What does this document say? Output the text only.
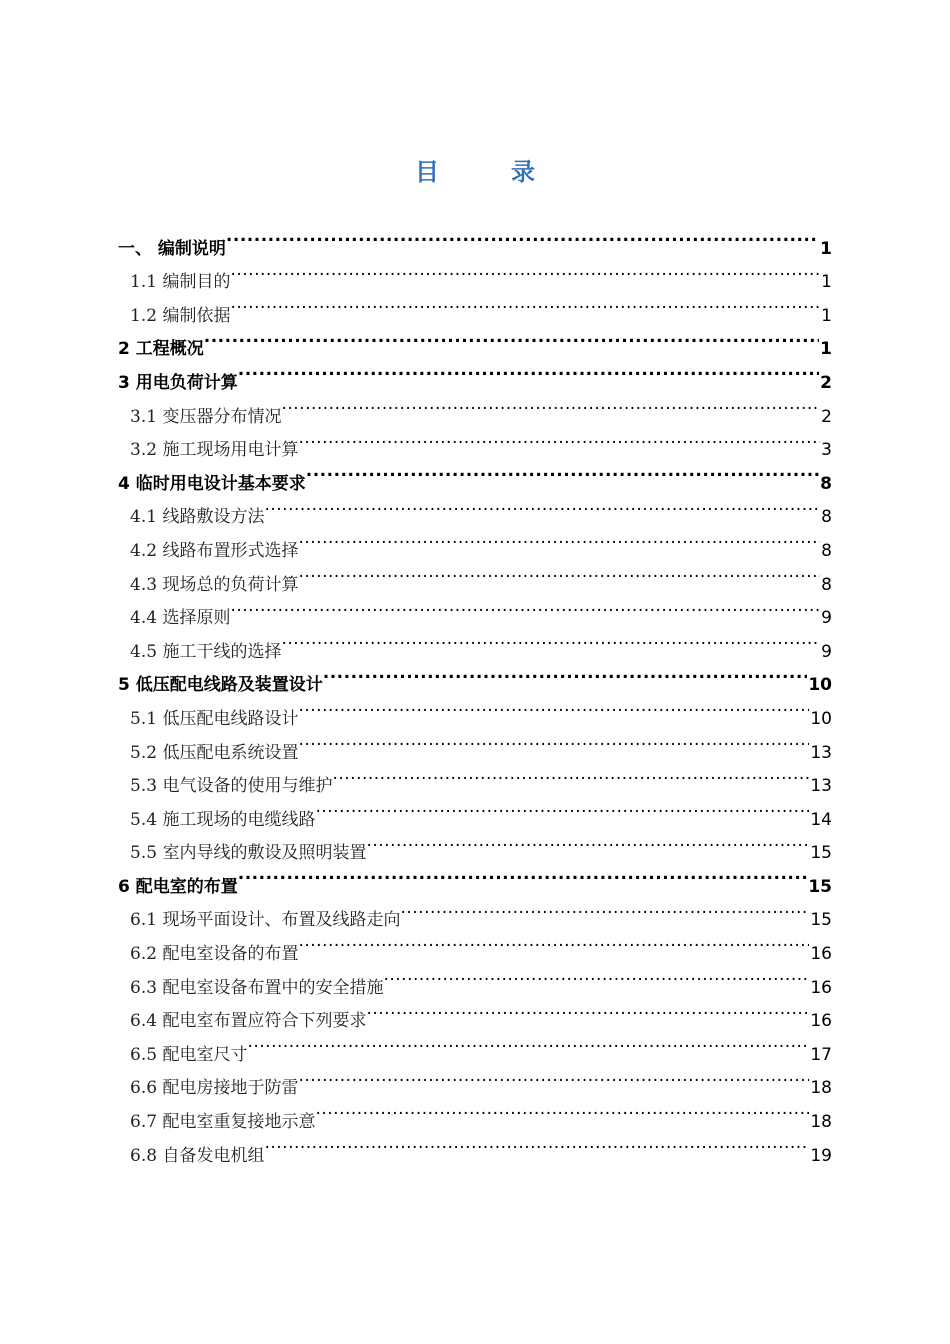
目　录
一、 编制说明 .....	1
1.1 编制目的 .....	1
1.2 编制依据 .....	1
2 工程概况 .....	1
3 用电负荷计算 .....	2
3.1 变压器分布情况 .....	2
3.2 施工现场用电计算 .....	3
4 临时用电设计基本要求 .....	8
4.1 线路敷设方法 .....	8
4.2 线路布置形式选择 .....	8
4.3 现场总的负荷计算 .....	8
4.4 选择原则 .....	9
4.5 施工干线的选择 .....	9
5 低压配电线路及装置设计 .....	10
5.1 低压配电线路设计 .....	10
5.2 低压配电系统设置 .....	13
5.3 电气设备的使用与维护 .....	13
5.4 施工现场的电缆线路 .....	14
5.5 室内导线的敷设及照明装置 .....	15
6 配电室的布置 .....	15
6.1 现场平面设计、布置及线路走向 .....	15
6.2 配电室设备的布置 .....	16
6.3 配电室设备布置中的安全措施 .....	16
6.4 配电室布置应符合下列要求 .....	16
6.5 配电室尺寸 .....	17
6.6 配电房接地于防雷 .....	18
6.7 配电室重复接地示意 .....	18
6.8 自备发电机组 .....	19
